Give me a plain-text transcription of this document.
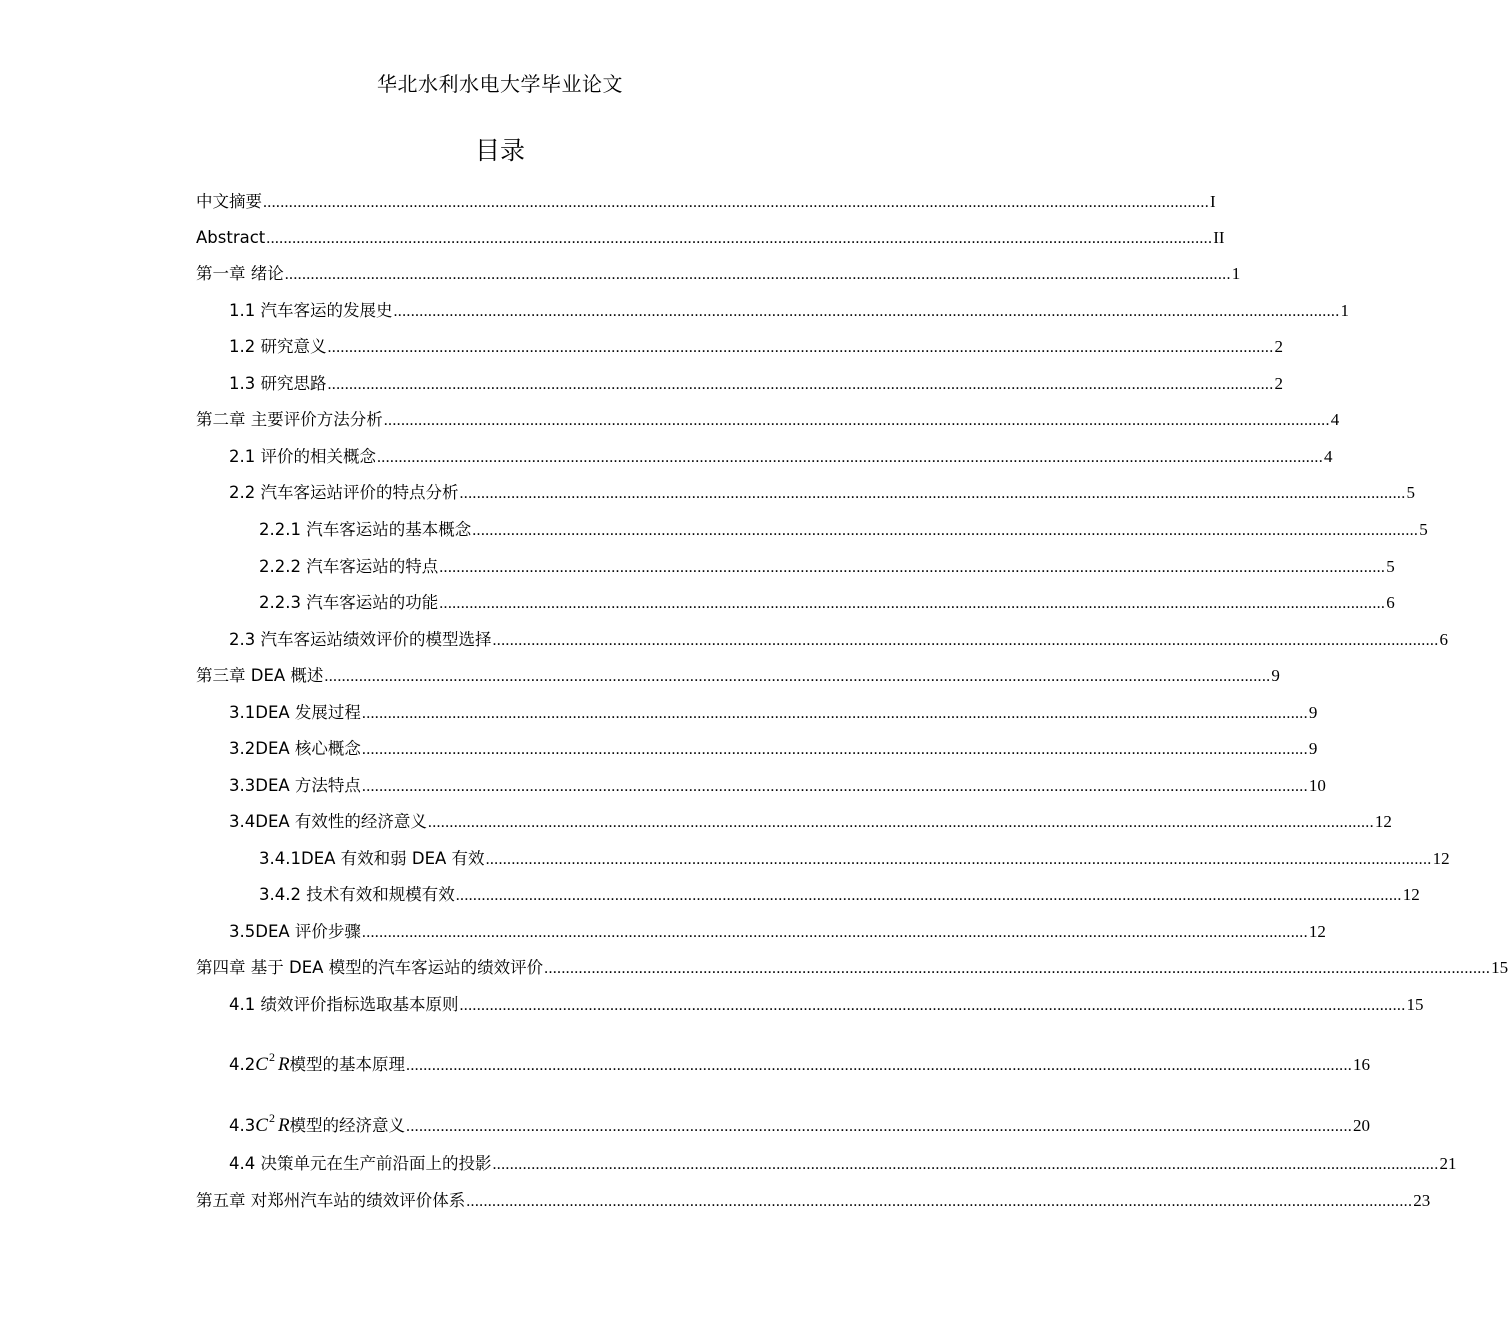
华北水利水电大学毕业论文
目录
中文摘要 ............................................................................................................................................................................................................................ I
Abstract ............................................................................................................................................................................................................................ II
第一章 绪论 ............................................................................................................................................................................................................................ 1
1.1 汽车客运的发展史 ............................................................................................................................................................................................................................ 1
1.2 研究意义 ............................................................................................................................................................................................................................ 2
1.3 研究思路 ............................................................................................................................................................................................................................ 2
第二章 主要评价方法分析 ............................................................................................................................................................................................................................ 4
2.1 评价的相关概念 ............................................................................................................................................................................................................................ 4
2.2 汽车客运站评价的特点分析 ............................................................................................................................................................................................................................ 5
2.2.1 汽车客运站的基本概念 ............................................................................................................................................................................................................................ 5
2.2.2 汽车客运站的特点 ............................................................................................................................................................................................................................ 5
2.2.3 汽车客运站的功能 ............................................................................................................................................................................................................................ 6
2.3 汽车客运站绩效评价的模型选择 ............................................................................................................................................................................................................................ 6
第三章 DEA 概述 ............................................................................................................................................................................................................................ 9
3.1DEA 发展过程 ............................................................................................................................................................................................................................ 9
3.2DEA 核心概念 ............................................................................................................................................................................................................................ 9
3.3DEA 方法特点 ............................................................................................................................................................................................................................ 10
3.4DEA 有效性的经济意义 ............................................................................................................................................................................................................................ 12
3.4.1DEA 有效和弱 DEA 有效 ............................................................................................................................................................................................................................ 12
3.4.2 技术有效和规模有效 ............................................................................................................................................................................................................................ 12
3.5DEA 评价步骤 ............................................................................................................................................................................................................................ 12
第四章 基于 DEA 模型的汽车客运站的绩效评价 ............................................................................................................................................................................................................................ 15
4.1 绩效评价指标选取基本原则 ............................................................................................................................................................................................................................ 15
$4.2C^2$ R模型的基本原理 ............................................................................................................................................................................................................................ 16
$4.3C^2$ R模型的经济意义 ............................................................................................................................................................................................................................ 20
4.4 决策单元在生产前沿面上的投影 ............................................................................................................................................................................................................................ 21
第五章 对郑州汽车站的绩效评价体系 ............................................................................................................................................................................................................................ 23
